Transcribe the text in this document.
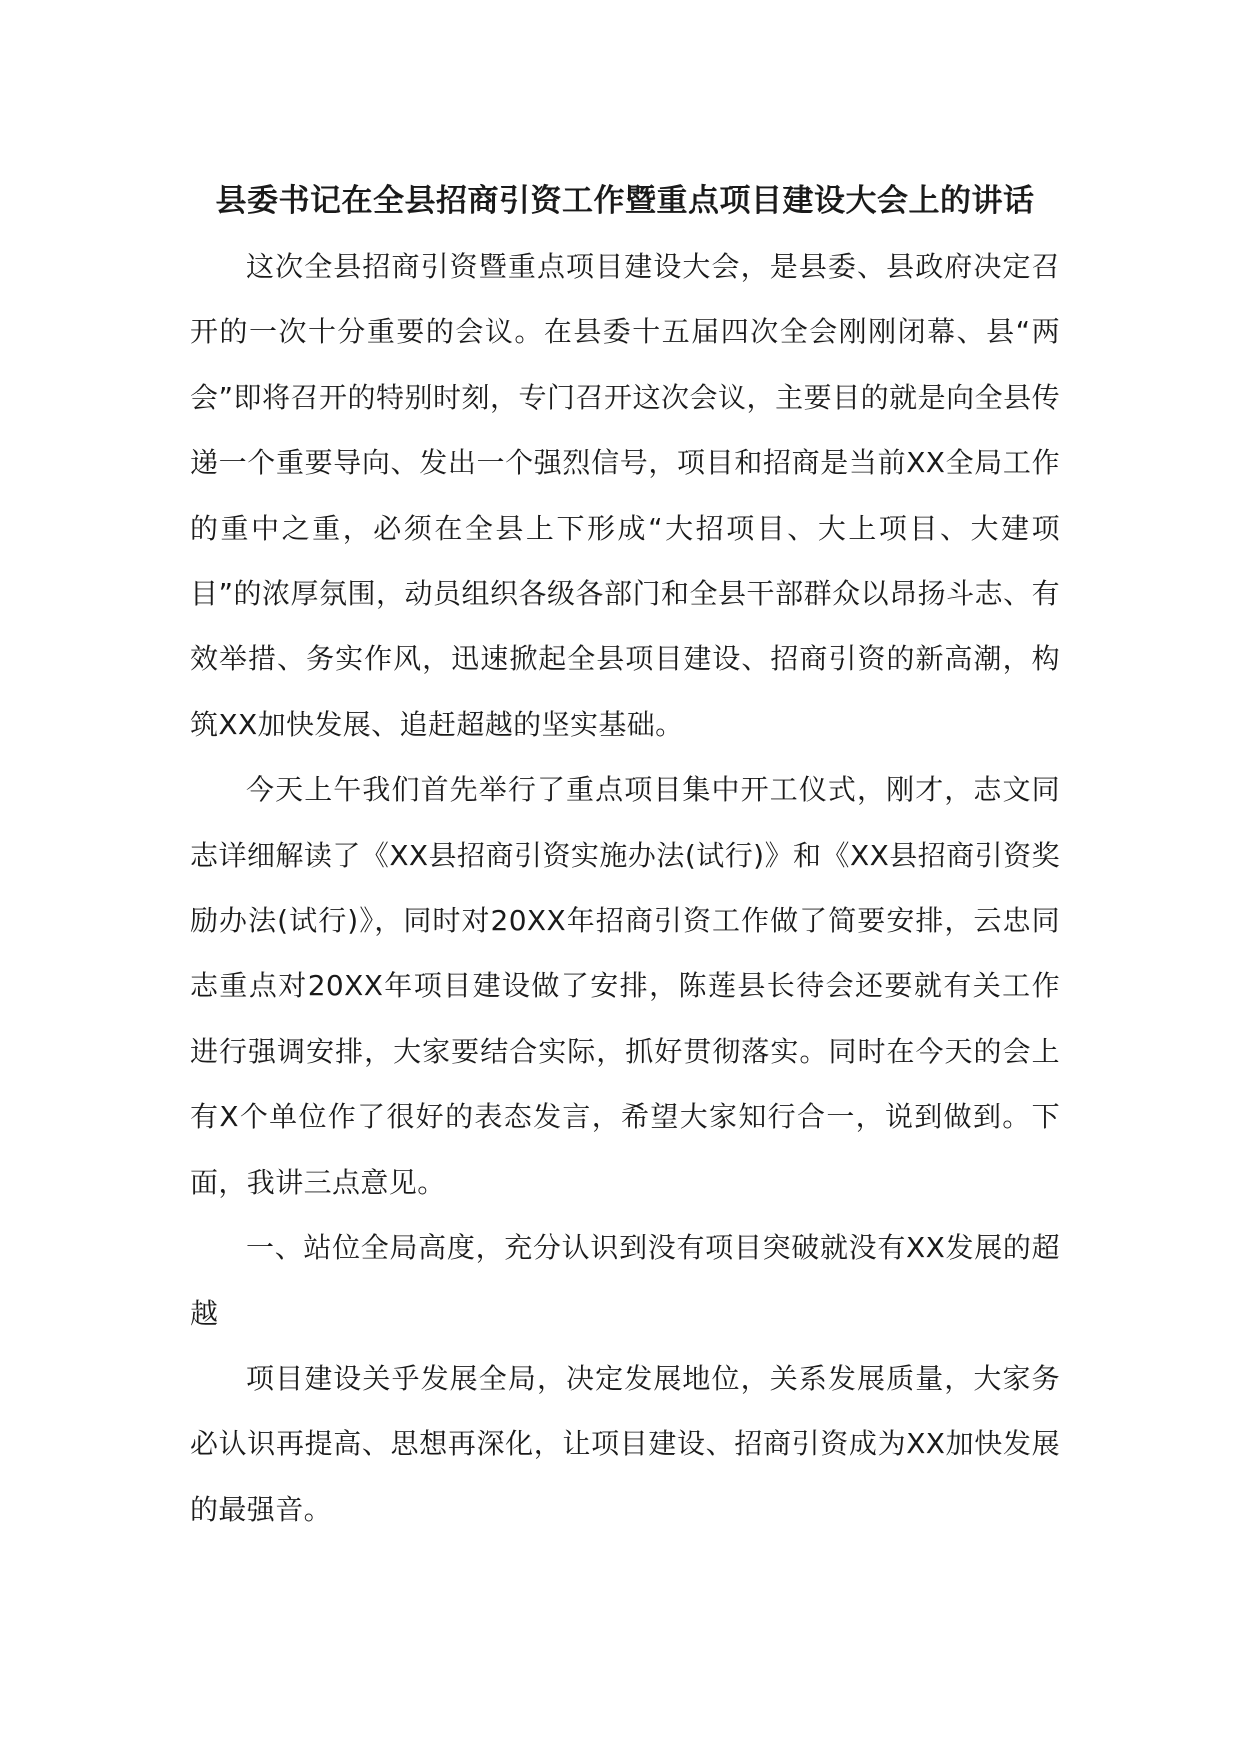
县委书记在全县招商引资工作暨重点项目建设大会上的讲话

这次全县招商引资暨重点项目建设大会，是县委、县政府决定召开的一次十分重要的会议。在县委十五届四次全会刚刚闭幕、县“两会”即将召开的特别时刻，专门召开这次会议，主要目的就是向全县传递一个重要导向、发出一个强烈信号，项目和招商是当前XX全局工作的重中之重，必须在全县上下形成“大招项目、大上项目、大建项目”的浓厚氛围，动员组织各级各部门和全县干部群众以昂扬斗志、有效举措、务实作风，迅速掀起全县项目建设、招商引资的新高潮，构筑XX加快发展、追赶超越的坚实基础。

今天上午我们首先举行了重点项目集中开工仪式，刚才，志文同志详细解读了《XX县招商引资实施办法(试行)》和《XX县招商引资奖励办法(试行)》，同时对20XX年招商引资工作做了简要安排，云忠同志重点对20XX年项目建设做了安排，陈莲县长待会还要就有关工作进行强调安排，大家要结合实际，抓好贯彻落实。同时在今天的会上有X个单位作了很好的表态发言，希望大家知行合一，说到做到。下面，我讲三点意见。

一、站位全局高度，充分认识到没有项目突破就没有XX发展的超越

项目建设关乎发展全局，决定发展地位，关系发展质量，大家务必认识再提高、思想再深化，让项目建设、招商引资成为XX加快发展的最强音。
